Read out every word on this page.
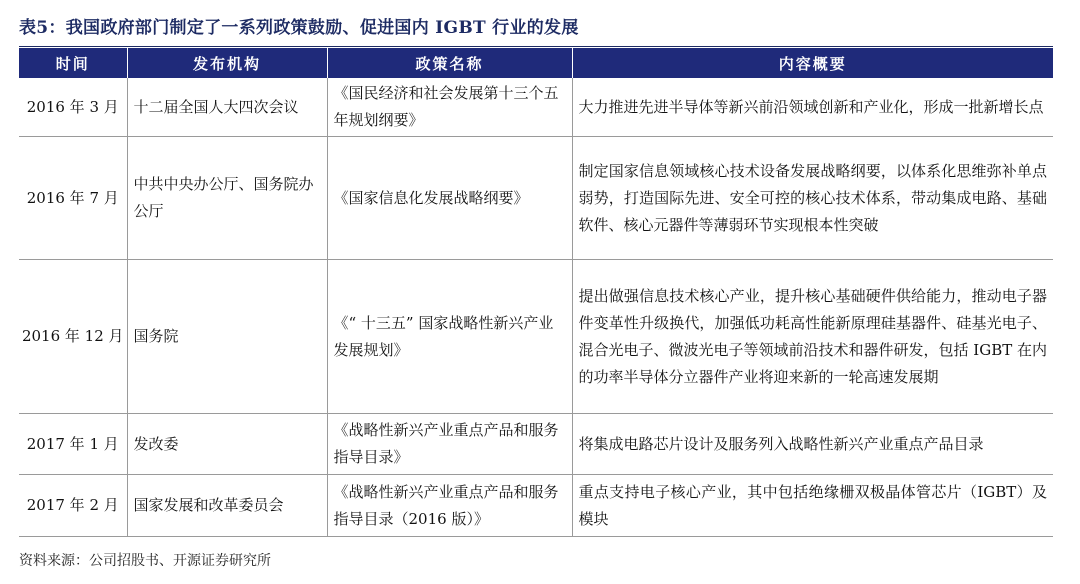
表5：我国政府部门制定了一系列政策鼓励、促进国内 IGBT 行业的发展
时间	发布机构	政策名称	内容概要
2016 年 3 月	十二届全国人大四次会议	《国民经济和社会发展第十三个五年规划纲要》	大力推进先进半导体等新兴前沿领域创新和产业化，形成一批新增长点
2016 年 7 月	中共中央办公厅、国务院办公厅	《国家信息化发展战略纲要》	制定国家信息领域核心技术设备发展战略纲要，以体系化思维弥补单点弱势，打造国际先进、安全可控的核心技术体系，带动集成电路、基础软件、核心元器件等薄弱环节实现根本性突破
2016 年 12 月	国务院	《“ 十三五” 国家战略性新兴产业发展规划》	提出做强信息技术核心产业，提升核心基础硬件供给能力，推动电子器件变革性升级换代，加强低功耗高性能新原理硅基器件、硅基光电子、混合光电子、微波光电子等领域前沿技术和器件研发，包括 IGBT 在内的功率半导体分立器件产业将迎来新的一轮高速发展期
2017 年 1 月	发改委	《战略性新兴产业重点产品和服务指导目录》	将集成电路芯片设计及服务列入战略性新兴产业重点产品目录
2017 年 2 月	国家发展和改革委员会	《战略性新兴产业重点产品和服务指导目录（2016 版）》	重点支持电子核心产业，其中包括绝缘栅双极晶体管芯片（IGBT）及模块
资料来源：公司招股书、开源证券研究所
